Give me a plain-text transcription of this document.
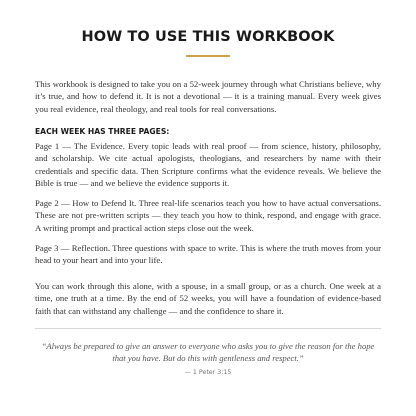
HOW TO USE THIS WORKBOOK

This workbook is designed to take you on a 52-week journey through what Christians believe, why it’s true, and how to defend it. It is not a devotional — it is a training manual. Every week gives you real evidence, real theology, and real tools for real conversations.

EACH WEEK HAS THREE PAGES:

Page 1 — The Evidence. Every topic leads with real proof — from science, history, philosophy, and scholarship. We cite actual apologists, theologians, and researchers by name with their credentials and specific data. Then Scripture confirms what the evidence reveals. We believe the Bible is true — and we believe the evidence supports it.

Page 2 — How to Defend It. Three real-life scenarios teach you how to have actual conversations. These are not pre-written scripts — they teach you how to think, respond, and engage with grace. A writing prompt and practical action steps close out the week.

Page 3 — Reflection. Three questions with space to write. This is where the truth moves from your head to your heart and into your life.

You can work through this alone, with a spouse, in a small group, or as a church. One week at a time, one truth at a time. By the end of 52 weeks, you will have a foundation of evidence-based faith that can withstand any challenge — and the confidence to share it.

“Always be prepared to give an answer to everyone who asks you to give the reason for the hope that you have. But do this with gentleness and respect.”

— 1 Peter 3:15
